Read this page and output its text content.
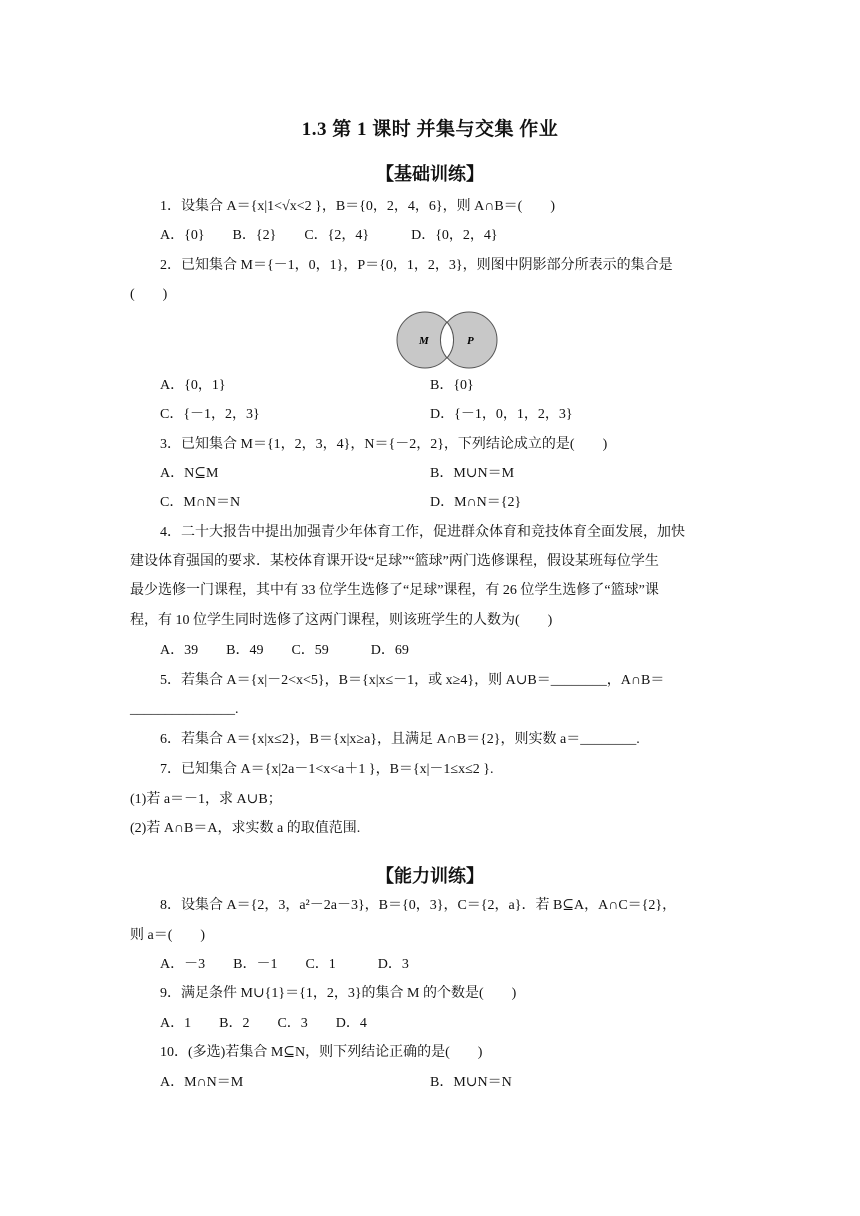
1.3 第 1 课时 并集与交集 作业
【基础训练】
1．设集合 A＝{x|1<√x<2 }，B＝{0，2，4，6}，则 A∩B＝(　　)
A．{0}　　B．{2}　　C．{2，4}　　　D．{0，2，4}
2．已知集合 M＝{－1，0，1}，P＝{0，1，2，3}，则图中阴影部分所表示的集合是
(　　)
M	P
A．{0，1}	B．{0}
C．{－1，2，3}	D．{－1，0，1，2，3}
3．已知集合 M＝{1，2，3，4}，N＝{－2，2}，下列结论成立的是(　　)
A．N⊆M	B．M∪N＝M
C．M∩N＝N	D．M∩N＝{2}
4．二十大报告中提出加强青少年体育工作，促进群众体育和竞技体育全面发展，加快
建设体育强国的要求．某校体育课开设“足球”“篮球”两门选修课程，假设某班每位学生
最少选修一门课程，其中有 33 位学生选修了“足球”课程，有 26 位学生选修了“篮球”课
程，有 10 位学生同时选修了这两门课程，则该班学生的人数为(　　)
A．39　　B．49　　C．59　　　D．69
5．若集合 A＝{x|－2<x<5}，B＝{x|x≤－1，或 x≥4}，则 A∪B＝________，A∩B＝
_______________.
6．若集合 A＝{x|x≤2}，B＝{x|x≥a}，且满足 A∩B＝{2}，则实数 a＝________.
7．已知集合 A＝{x|2a－1<x<a＋1 }，B＝{x|－1≤x≤2 }.
(1)若 a＝－1，求 A∪B；
(2)若 A∩B＝A，求实数 a 的取值范围.
【能力训练】
8．设集合 A＝{2，3，a²－2a－3}，B＝{0，3}，C＝{2，a}．若 B⊆A，A∩C＝{2}，
则 a＝(　　)
A．－3　　B．－1　　C．1　　　D．3
9．满足条件 M∪{1}＝{1，2，3}的集合 M 的个数是(　　)
A．1　　B．2　　C．3　　D．4
10．(多选)若集合 M⊆N，则下列结论正确的是(　　)
A．M∩N＝M	B．M∪N＝N
